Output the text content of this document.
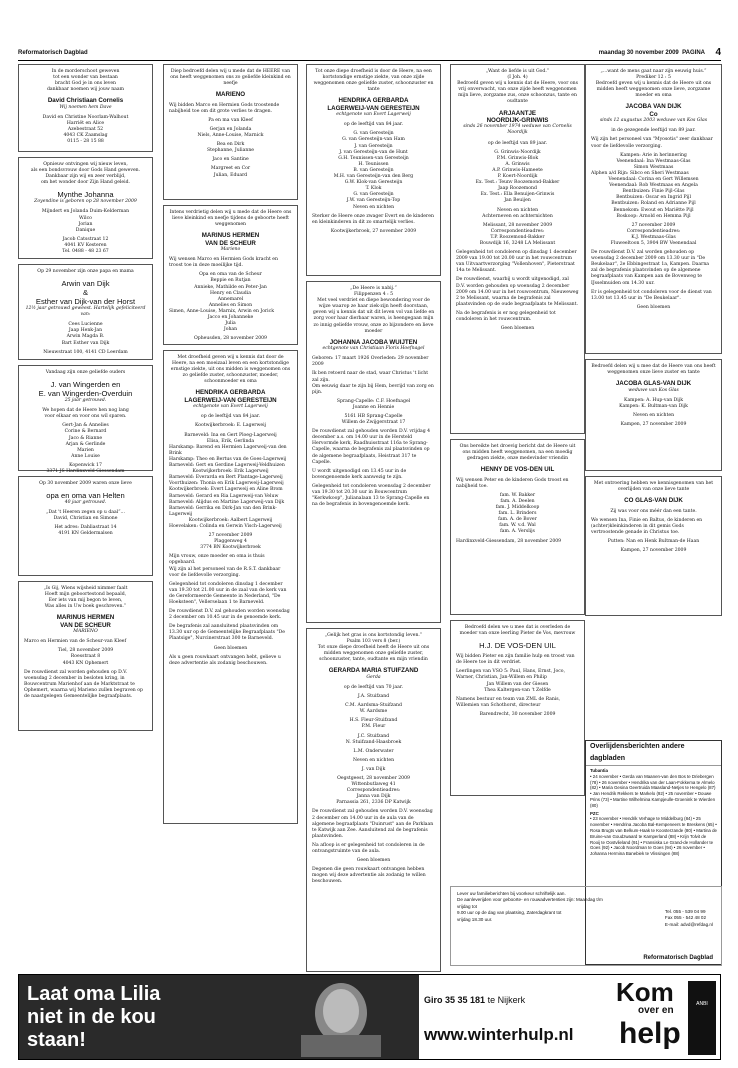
Reformatorisch Dagblad	maandag 30 november 2009 PAGINA 4
In de morderschoot geweven
tot een wonder van bestaan
bracht God je in ons leven
dankbaar noemen wij jouw naam
David Christiaan Cornelis
Wij noemen hem Dave
David en Christine Noorlam-Walhout
Harriët en Alice
Azebestraat 52
4043 CK Zaamslag
0115 - 28 15 88
Opnieuw ontvingen wij nieuw leven,
als een bondsvrouw door Gods Hand geweven.
Dankbaar zijn wij en zeer verblijd,
om het wonder door Zijn Hand geleid.
Mynthe Johanna
Zoyendine is geboren op 28 november 2009
Mijndert en Jolanda Duim-Kelderman
Wilco
Jorian
Danique
Jacob Catsstraat 12
4041 KV Kesteren
Tel. 0488 - 48 23 67
Op 29 november zijn onze papa en mama
Arwin van Dijk
&
Esther van Dijk-van der Horst
12½ jaar getrouwd geweest. Hartelijk gefeliciteerd van:
Cees Lucienne
Jaap Henk-Jan
Arwin Magda B.
Bart Esther van Dijk
Nieuwstraat 100, 4141 CD Leerdam
Vandaag zijn onze geliefde ouders
J. van Wingerden en
E. van Wingerden-Overduin
25 jaar getrouwd.
We hopen dat de Heere hen nog lang
voor elkaar en voor ons wil sparen.
Gert-Jan & Annelies
Corine & Bernard
Jaco & Rianne
Arjan & Gerlinde
Marien
Anne Louise
Kopenwick 17
3371 JS Hardinxveld-Giessendam
Op 30 november 2009 waren onze lieve
opa en oma van Helten
40 jaar getrouwd.
„Dat 't Heeren zegen op u daal”...
David, Christian en Simone
Het adres: Dahliastraat 14
4191 KN Geldermalsen
„Is Gij, Wiens wijsheid nimmer faalt
Hoeft mijn geboortestond bepaald,
Eer iets van mij begon te leven,
Was alles in Uw boek geschreven.”
MARINUS HERMEN
VAN DE SCHEUR
MARIENO
Marco en Hermien van de Scheur-van Kleef
Tiel, 28 november 2009
Roesstraat 8
4043 KN Ophemert
De rouwdienst zal worden gehouden op D.V. woensdag 2 december in besloten kring, in Bouwcentrum Marienhof aan de Marktstraat te Ophemert, waarna wij Marieno zullen begraven op de naastgelegen Gemeentelijke begraafplaats.
Diep bedroefd delen wij u mede dat de HEERE van ons heeft weggenomen ons zo geliefde kleinkind en neefje
MARIENO
Wij bidden Marco en Hermien Gods troostende nabijheid toe om dit grote verlies te dragen.
Pa en ma van Kleef
Gerjan en Jolanda
Niels, Anne-Louise, Marnick
Bea en Dirk
Stephanne, Julianne
Jaco en Santine
Margreet en Cor
Julian, Eduard
Intens verdrietig delen wij u mede dat de Heere ons lieve kleinkind en neefje tijdens de geboorte heeft weggenomen
MARINUS HERMEN
VAN DE SCHEUR
Marieno
Wij wensen Marco en Hermien Gods kracht en troost toe in deze moeilijke tijd.
Opa en oma van de Scheur
Beppie en Rutjan
Annieke, Mathilde en Peter-Jan
Henry en Claudia
Annemarel
Annelies en Simon
Simen, Anne-Louise, Marnix, Arwin en Jorick
Jacco en Johanneke
Julia
Johan
Opheusden, 28 november 2009
Met droefheid geven wij u kennis dat door de Heere, na een moeizaal leven en een kortstondige ernstige ziekte, uit ons midden is weggenomen ons zo geliefde zuster, schoonzuster, moeder, schoonmoeder en oma
HENDRIKA GERBARDA
LAGERWEIJ-VAN GERESTEIJN
echtgenote van Evert Lagerweij
op de leeftijd van 84 jaar.
Kootwijkerbroek: E. Lagerweij
Barneveld: Ina en Gert Ploeg-Lagerweij
Elisa, Erik, Gerlinda
Harskamp: Barend en Hermien Lagerweij-van den Brink
Harskamp: Theo en Bertus van de Goes-Lagerweij
Barneveld: Gert en Gerdine Lagerweij-Veldhuizen
Kootwijkerbroek: Erik Lagerweij
Barneveld: Everarda en Bert Plantage-Lagerweij
Voorthuizen: Thonia en Erik Lagerweij-Lagerweij
Kootwijkerbroek: Evert Lagerweij en Aline Brom
Barneveld: Gerard en Ria Lagerweij-van Veluw
Barneveld: Alijdus en Martine Lagerweij-van Dijk
Barneveld: Gerrika en Dirk-Jan van den Brink-Lagerweij
Kootwijkerbroek: Aalbert Lagerweij
Hoevelaken: Colinda en Gerwin Visch-Lagerweij
27 november 2009
Plaggenweg 4
3774 BN Kootwijkerbroek
Mijn vrouw, onze moeder en oma is thuis opgebaard.
Wij zijn al het personeel van de R.S.T. dankbaar voor de liefdevolle verzorging.
Gelegenheid tot condoleren dinsdag 1 december van 19.30 tot 21.00 uur in de zaal van de kerk van de Gereformeerde Gemeente in Nederland, "De Hoeksteen", Vellerselaan 1 te Barneveld.
De rouwdienst D.V. zal gehouden worden woensdag 2 december om 10.45 uur in de genoemde kerk.
De begrafenis zal aansluitend plaatsvinden om 13.30 uur op de Gemeentelijke Begraafplaats "De Plaatsige", Nurcinerstraat 300 te Barneveld.
Geen bloemen
Als u geen rouwkaart ontvangen hebt, gelieve u deze advertentie als zodanig beschouwen.
Tot onze diepe droefheid is door de Heere, na een kortstondige ernstige ziekte, van onze zijde weggenomen onze geliefde zuster, schoonzuster en tante
HENDRIKA GERBARDA
LAGERWEIJ-VAN GERESTEIJN
echtgenote van Evert Lagerweij
op de leeftijd van 84 jaar.
G. van Geresteijn
G. van Geresteijn-van Ham
J. van Geresteijn
J. van Geresteijn-van de Hunt
G.H. Teunissen-van Geresteijn
H. Teunissen
B. van Geresteijn
M.H. van Geresteijn-van den Berg
G.W. Klok-van Geresteijn
T. Klok
G. van Geresteijn
J.W. van Geresteijn-Top
Neven en nichten
Sterker de Heere onze zwager Evert en de kinderen en kleinkinderen in dit zo smartelijk verlies.
Kootwijkerbroek, 27 november 2009
„De Heere is nabij.”
Filippenzen 4 : 5
Met veel verdriet en diepe bewondering voor de wijze waarop ze haar ziek-zijn heeft doorstaan, geven wij u kennis dat uit dit leven vol van liefde en zorg voor haar dierbaar waren, is heengegaan mijn zo innig geliefde vrouw, onze zo bijzondere en lieve moeder
JOHANNA JACOBA WUIJTEN
echtgenote van Christiaan Floris Hoefnagel
Geboren: 17 maart 1926 Overleden: 29 november 2009
Ik ben retoerd naar de stad, waar Christus 't licht zal zijn.
Om eeuwig daar te zijn bij Hem, bevrijd van zorg en pijn.
Sprang-Capelle: C.F. Hoefnagel
Joanne en Hennie
5161 HB Sprang-Capelle
Willem de Zwijgerstraat 17
De rouwdienst zal gehouden worden D.V. vrijdag 4 december a.s. om 14.00 uur in de Hersteld Hervormde kerk, Raadhuisstraat 116a te Sprang-Capelle, waarna de begrafenis zal plaatsvinden op de algemene begraafplaats, Heistraat 317 te Capelle.
U wordt uitgenodigd om 13.45 uur in de bovengenoemde kerk aanwezig te zijn.
Gelegenheid tot condoleren woensdag 2 december van 19.30 tot 20.30 uur in Bouwcentrum "Kerkwkoop", Julianalaan 13 te Sprang-Capelle en na de begrafenis in bovengenoemde kerk.
„Gelijk het gras is ons kortstondig leven.”
Psalm 103 vers 8 (ber.)
Tot onze diepe droefheid heeft de Heere uit ons midden weggenomen onze geliefde zuster, schoonzuster, tante, oudtante en mijn vriendin
GERARDA MARIA STUIFZAND
Gerda
op de leeftijd van 70 jaar.
J.A. Stuifzand
C.M. Aardsma-Stuifzand
W. Aardsme
H.S. Fleur-Stuifzand
P.M. Fleur
J.C. Stuifzand
N. Stuifzand-Haasbroek
L.M. Onderwater
Neven en nichten
J. van Dijk
Oegstgeest, 28 november 2009
Wittenbutlaweg 41
Correspondentieadres:
Janna van Dijk
Parnassia 261, 2336 DP Katwijk
De rouwdienst zal gehouden worden D.V. woensdag 2 december om 14.00 uur in de aula van de algemene begraafplaats "Duinrust" aan de Parklaan te Katwijk aan Zee. Aansluitend zal de begrafenis plaatsvinden.
Na afloop is er gelegenheid tot condoleren in de ontvangstruimte van de aula.
Geen bloemen
Degenen die geen rouwkaart ontvangen hebben mogen wij deze advertentie als zodanig te willen beschouwen.
„Want de liefde is uit God.”
(I Joh. 4)
Bedroefd geven wij u kennis dat de Heere, voor ons vrij onverwacht, van onze zijde heeft weggenomen mijn lieve, zorgzame zus, onze schoonzus, tante en oudtante
ARJAANTJE
NOORDIJK-GRINWIS
sinds 26 november 1974 weduwe van Cornelis Noordijk
op de leeftijd van 89 jaar.
G. Grinwis-Noordijk
P.M. Grinwis-Blok
A. Grinwis
A.P. Grinwis-Hameete
P. Koert-Noordijk
Ex. Test.: Teunv Roozemond-Bakker
Jaap Roozemond
Ex. Test.: Ella Benuijen-Grinwis
Jan Beuijen
Neven en nichten
Achterneven en achternichten
Melissant, 28 november 2009
Correspondentieadres:
T.P. Roozemond-Bakker
Bouwdijk 16, 3248 LA Melissant
Gelegenheid tot condoleren op dinsdag 1 december 2009 van 19.00 tot 20.00 uur in het rouwcentrum van Uitvaartverzorging "Vollenhoven", Pieterstraat 14a te Melissant.
De rouwdienst, waarbij u wordt uitgenodigd, zal D.V. worden gehouden op woensdag 2 december 2009 om 14.00 uur in het rouwcentrum, Nieuweweg 2 te Melissant, waarna de begrafenis zal plaatsvinden op de oude begraafplaats te Melissant.
Na de begrafenis is er nog gelegenheid tot condoleren in het rouwcentrum.
Geen bloemen
Ons bereikte het droevig bericht dat de Heere uit ons midden heeft weggenomen, na een moedig gedragen ziekte, onze medevinder vriendin
HENNY DE VOS-DEN UIL
Wij wensen Peter en de kinderen Gods troost en nabijheid toe.
fam. W. Bakker
fam. A. Deelen
fam. J. Middelkoop
fam. L. Brinders
fam. A. de Bover
fam. W. v.d. Wal
fam. A. Verslijs
Hardinxveld-Giessendam, 28 november 2009
Bedroefd delen we u mee dat is overleden de moeder van onze leerling Pieter de Vos, mevrouw
H.J. DE VOS-DEN UIL
Wij bidden Pieter en zijn familie hulp en troost van de Heere toe in dit verdriet.
Leerlingen van VSO 5: Paul, Hans, Ernst, Joco, Warner, Christian, Jan-Willem en Philip
Jan Willem van der Giesen
Thea Kaltergen-van 't Zelfde
Namens bestuur en team van ZML de Ranis, Willemien van Schothorst, directeur
Barendrecht, 30 november 2009
„...want de mens gaat naar zijn eeuwig huis.”
Prediker 12 : 5
Bedroefd geven wij u kennis dat de Heere uit ons midden heeft weggenomen onze lieve, zorgzame moeder en oma
JACOBA VAN DIJK
Co
sinds 12 augustus 2003 weduwe van Kos Glas
in de gezegende leeftijd van 89 jaar.
Wij zijn het personeel van "Myosotis" zeer dankbaar voor de liefdevolle verzorging.
Kampen: Arie in herinnering
Veenendaal: Ina Westmaas-Glas
Simon Westmaas
Alphen a/d Rijn: Sibco en Sheri Westmaas
Veenendaal: Corina en Gert Willemsen
Veenendaal: Rob Westmaas en Angela
Bentbuizen: Finie Pijl-Glas
Bentbuizen: Oscar en Ingrid Pijl
Bentbuizen: Roland en Adrianne Pijl
Bennekom: Ewout en Mariëtte Pijl
Boskoop: Arnold en Hemma Pijl
27 november 2009
Correspondentieadres:
K.J. Westmaas-Glas
Fluweeltoon 5, 3904 BW Veenendaal
De rouwdienst D.V. zal worden gehouden op woensdag 2 december 2009 om 13.30 uur in "De Beukelaar", 2e Ebbingestraat 1a, Kampen. Daarna zal de begrafenis plaatsvinden op de algemene begraafplaats van Kampen aan de Bovenweg te IJsselmuiden om 14.30 uur.
Er is gelegenheid tot condoleren voor de dienst van 13.00 tot 13.45 uur in "De Beukelaar".
Geen bloemen
Bedroefd delen wij u mee dat de Heere van ons heeft weggenomen onze lieve zuster en tante
JACOBA GLAS-VAN DIJK
weduwe van Kos Glas
Kampen: A. Hup-van Dijk
Kampen: K. Bultman-van Dijk
Neven en nichten
Kampen, 27 november 2009
Met ontroering hebben we kennisgenomen van het overlijden van onze lieve tante
CO GLAS-VAN DIJK
Zij was voor ons méér dan een tante.
We wensen Ina, Finie en Baltus, de kinderen en (achter)kleinkinderen in dit gemis Gods vertroostende genade in Christus toe.
Putten: Nan en Henk Bultman-de Haan
Kampen, 27 november 2009
Overlijdensberichten andere dagbladen
Tubantia
• 24 november • Gerda van Maanen-van den Bos te Driebergen (78) • 26 november • Hendrika van der Laan-Fokkema te Almelo (82) • Maria Gesina Geertruida Maasland-Netjes te Hengelo (87) • Jan Hendrik Rekkers te Markelo (92) • 25 november • Douwe Prins (73) • Martine Wilhelmina Kampjeulle-Groenink te Wierden (80)
PZC
• 23 november • Hendrik Verhage te Middelburg (84) • 25 november • Hendrina Jacoba Bal-Kempeneers te Breskens (65) • Rosa Brugts van Belkum-Haak te Koosterzande (80) • Martina de Bruine-van Goudzwaard te Kamperland (88) • Krijn Tolvit de Rooij te Oostvlieland (91) • Fransiska Le Grand-de Hollander te Goes (92) • Jacob Noordman te Goes (94) • 26 november • Johanna Hermina Banebiek te Vlissingen (88)
Lever uw familieberichten bij voorkeur schriftelijk aan.
De aanleverijden voor geboorte- en rouwadvertenties zijn: Maandag t/m vrijdag tot
9.00 uur op de dag van plaatsing, Zaterdagkrant tot
vrijdag 18.30 uur.
Tel. 055 - 539 04 99
Fax 055 - 542 48 02
E-mail: advd@refdag.nl
Reformatorisch Dagblad
Laat oma Lilia
niet in de kou
staan!
Giro 35 35 181 te Nijkerk
www.winterhulp.nl
Kom
over en
help
ANBI
